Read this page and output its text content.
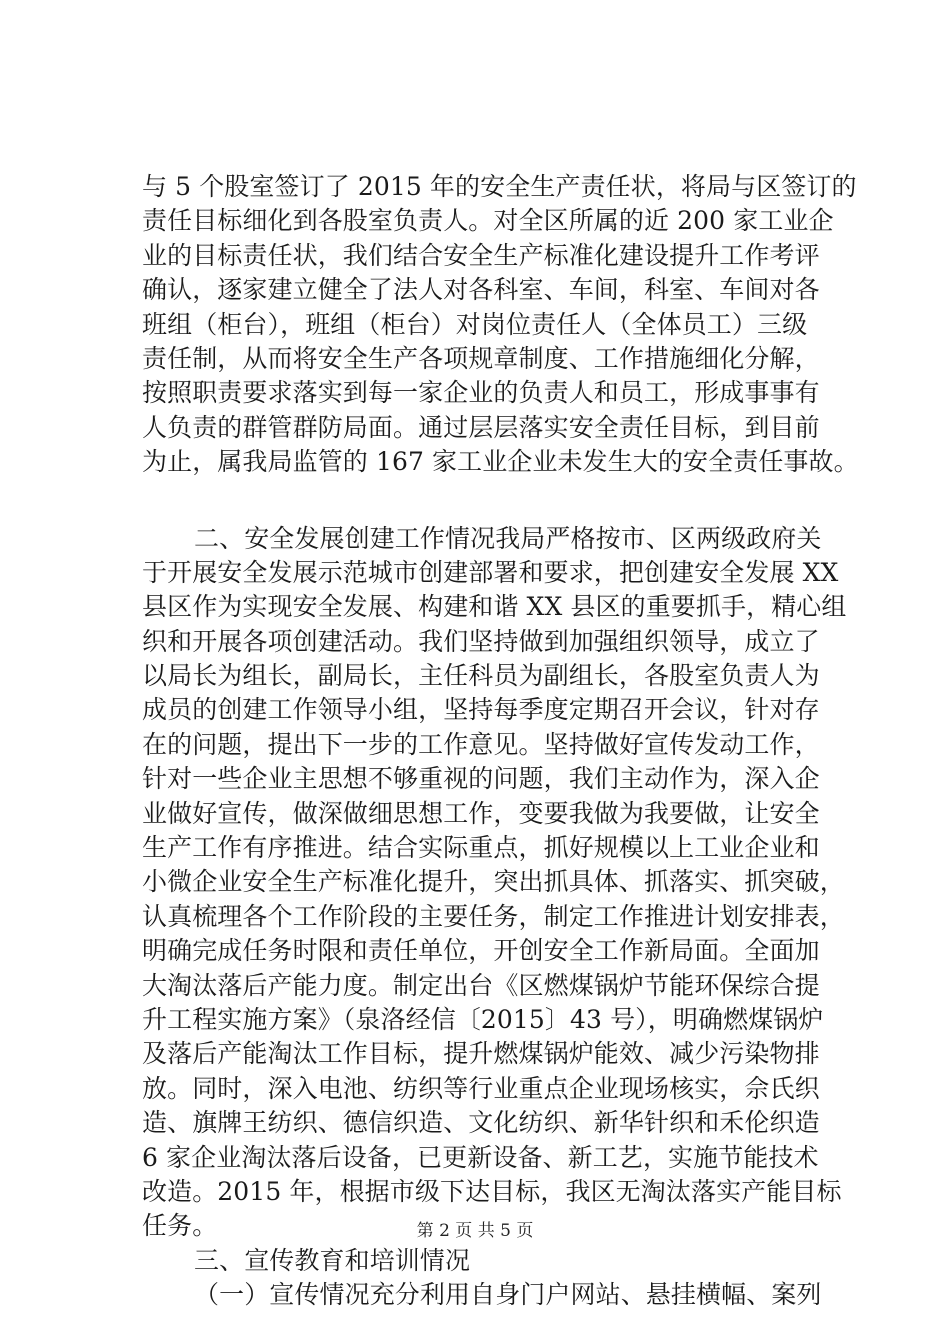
与 5 个股室签订了 2015 年的安全生产责任状，将局与区签订的
责任目标细化到各股室负责人。对全区所属的近 200 家工业企
业的目标责任状，我们结合安全生产标准化建设提升工作考评
确认，逐家建立健全了法人对各科室、车间，科室、车间对各
班组（柜台），班组（柜台）对岗位责任人（全体员工）三级
责任制，从而将安全生产各项规章制度、工作措施细化分解，
按照职责要求落实到每一家企业的负责人和员工，形成事事有
人负责的群管群防局面。通过层层落实安全责任目标，到目前
为止，属我局监管的 167 家工业企业未发生大的安全责任事故。
二、安全发展创建工作情况我局严格按市、区两级政府关
于开展安全发展示范城市创建部署和要求，把创建安全发展 XX
县区作为实现安全发展、构建和谐 XX 县区的重要抓手，精心组
织和开展各项创建活动。我们坚持做到加强组织领导，成立了
以局长为组长，副局长，主任科员为副组长，各股室负责人为
成员的创建工作领导小组，坚持每季度定期召开会议，针对存
在的问题，提出下一步的工作意见。坚持做好宣传发动工作，
针对一些企业主思想不够重视的问题，我们主动作为，深入企
业做好宣传，做深做细思想工作，变要我做为我要做，让安全
生产工作有序推进。结合实际重点，抓好规模以上工业企业和
小微企业安全生产标准化提升，突出抓具体、抓落实、抓突破，
认真梳理各个工作阶段的主要任务，制定工作推进计划安排表，
明确完成任务时限和责任单位，开创安全工作新局面。全面加
大淘汰落后产能力度。制定出台《区燃煤锅炉节能环保综合提
升工程实施方案》（泉洛经信〔2015〕43 号），明确燃煤锅炉
及落后产能淘汰工作目标，提升燃煤锅炉能效、减少污染物排
放。同时，深入电池、纺织等行业重点企业现场核实，佘氏织
造、旗牌王纺织、德信织造、文化纺织、新华针织和禾伦织造
6 家企业淘汰落后设备，已更新设备、新工艺，实施节能技术
改造。2015 年，根据市级下达目标，我区无淘汰落实产能目标
任务。
三、宣传教育和培训情况
（一）宣传情况充分利用自身门户网站、悬挂横幅、案列
第 2 页 共 5 页
